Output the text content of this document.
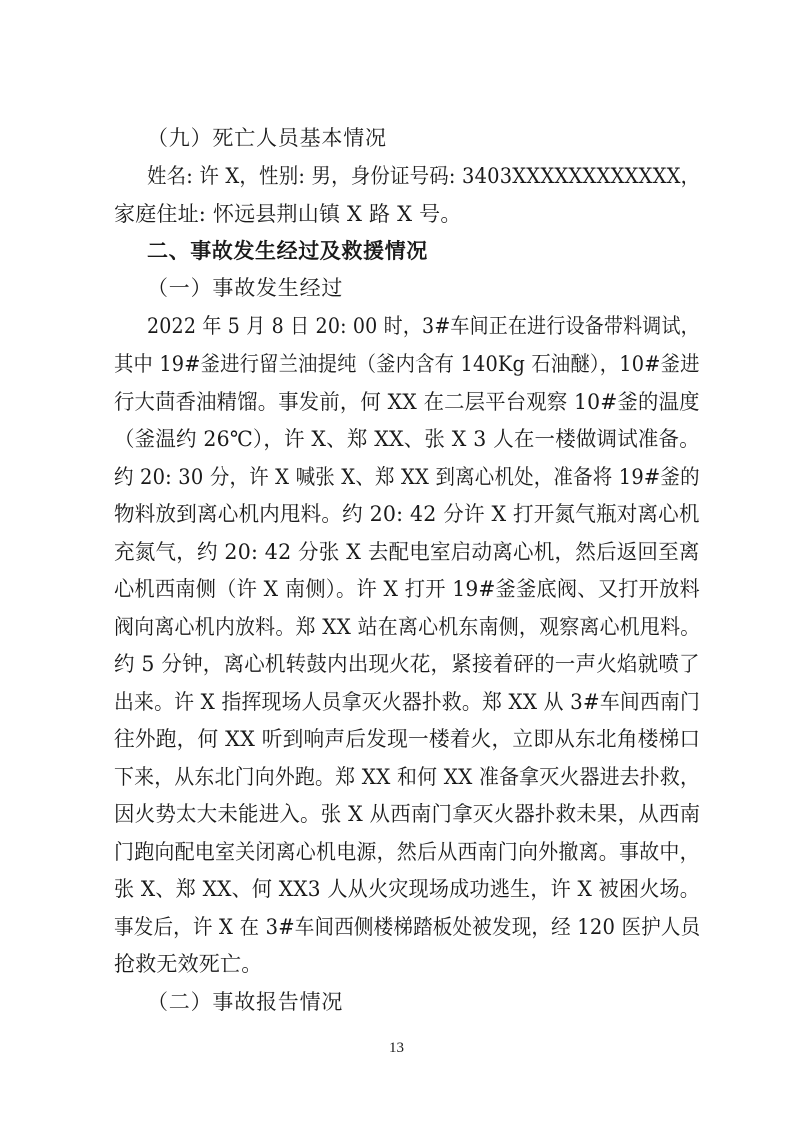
（九）死亡人员基本情况
姓名: 许 X，性别: 男，身份证号码: 3403XXXXXXXXXXXX，
家庭住址: 怀远县荆山镇 X 路 X 号。
二、事故发生经过及救援情况
（一）事故发生经过
2022 年 5 月 8 日 20: 00 时，3#车间正在进行设备带料调试，
其中 19#釜进行留兰油提纯（釜内含有 140Kg 石油醚），10#釜进
行大茴香油精馏。事发前，何 XX 在二层平台观察 10#釜的温度
（釜温约 26℃），许 X、郑 XX、张 X 3 人在一楼做调试准备。
约 20: 30 分，许 X 喊张 X、郑 XX 到离心机处，准备将 19#釜的
物料放到离心机内甩料。约 20: 42 分许 X 打开氮气瓶对离心机
充氮气，约 20: 42 分张 X 去配电室启动离心机，然后返回至离
心机西南侧（许 X 南侧）。许 X 打开 19#釜釜底阀、又打开放料
阀向离心机内放料。郑 XX 站在离心机东南侧，观察离心机甩料。
约 5 分钟，离心机转鼓内出现火花，紧接着砰的一声火焰就喷了
出来。许 X 指挥现场人员拿灭火器扑救。郑 XX 从 3#车间西南门
往外跑，何 XX 听到响声后发现一楼着火，立即从东北角楼梯口
下来，从东北门向外跑。郑 XX 和何 XX 准备拿灭火器进去扑救，
因火势太大未能进入。张 X 从西南门拿灭火器扑救未果，从西南
门跑向配电室关闭离心机电源，然后从西南门向外撤离。事故中，
张 X、郑 XX、何 XX3 人从火灾现场成功逃生，许 X 被困火场。
事发后，许 X 在 3#车间西侧楼梯踏板处被发现，经 120 医护人员
抢救无效死亡。
（二）事故报告情况
13
